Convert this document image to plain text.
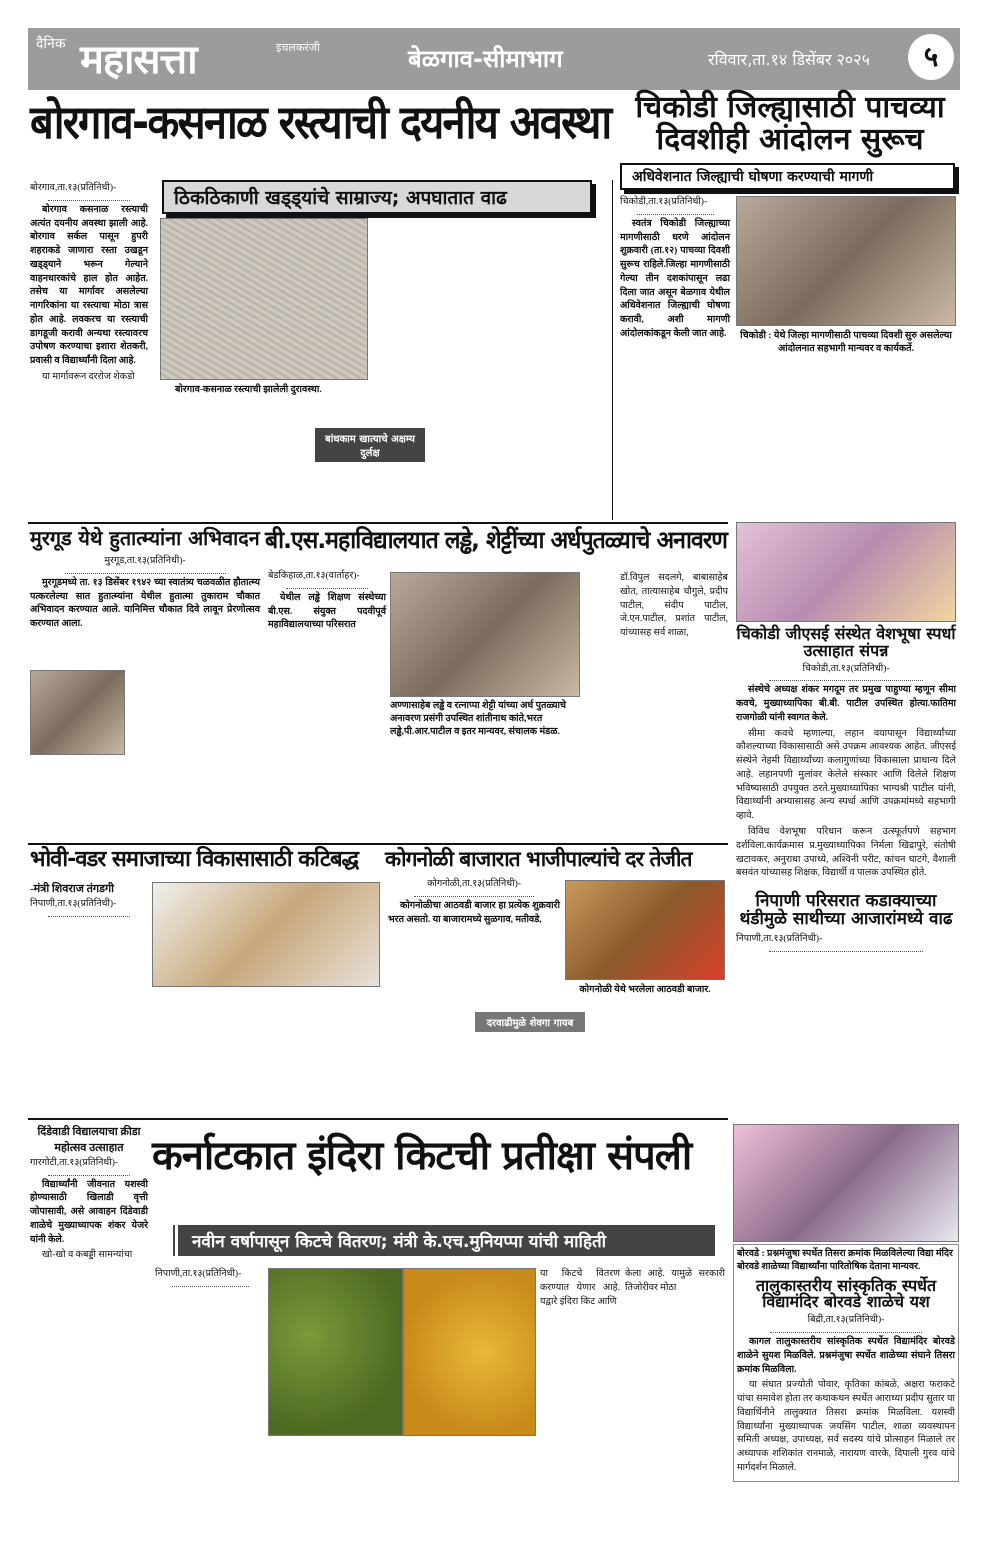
दैनिक महासत्ता	इचलकरंजी	बेळगाव-सीमाभाग	रविवार,ता.१४ डिसेंबर २०२५	५
बोरगाव-कसनाळ रस्त्याची दयनीय अवस्था
ठिकठिकाणी खड्ड्यांचे साम्राज्य; अपघातात वाढ
बोरगाव,ता.१३(प्रतिनिधी)-

बोरगाव कसनाळ रस्त्याची अत्यंत दयनीय अवस्था झाली आहे. बोरगाव सर्कल पासून हुपरी शहराकडे जाणारा रस्ता उखडून खड्ड्याने भरून गेल्याने वाहनधारकांचे हाल होत आहेत. तसेच या मार्गावर असलेल्या नागरिकांना या रस्त्याचा मोठा त्रास होत आहे. लवकरच या रस्त्याची डागडूजी करावी अन्यथा रस्त्यावरच उपोषण करण्याचा इशारा शेतकरी, प्रवासी व विद्यार्थ्यांनी दिला आहे.

या मार्गावरून दररोज शेकडो

बोरगाव-कसनाळ रस्त्याची झालेली दुरावस्था.
बांधकाम खात्याचे अक्षम्य दुर्लक्ष
चिकोडी जिल्ह्यासाठी पाचव्या दिवशीही आंदोलन सुरूच
अधिवेशनात जिल्ह्याची घोषणा करण्याची मागणी
चिकोडी,ता.१३(प्रतिनिधी)-

स्वतंत्र चिकोडी जिल्ह्याच्या मागणीसाठी धरणे आंदोलन शुक्रवारी (ता.१२) पाचव्या दिवशी सुरूच राहिले.जिल्हा मागणीसाठी गेल्या तीन दशकांपासून लढा दिला जात असून बेळगाव येथील अधिवेशनात जिल्ह्याची घोषणा करावी, अशी मागणी आंदोलकांकडून केली जात आहे.	चिकोडी : येथे जिल्हा मागणीसाठी पाचव्या दिवशी सुरु असलेल्या आंदोलनात सहभागी मान्यवर व कार्यकर्ते.
मुरगूड येथे हुतात्म्यांना अभिवादन
मुरगूड,ता.१३(प्रतिनिधी)-

मुरगूडमध्ये ता. १३ डिसेंबर १९४२ च्या स्वातंत्र्य चळवळीत हौतात्म्य पत्करलेल्या सात हुतात्म्यांना येथील हुतात्मा तुकाराम चौकात अभिवादन करण्यात आले. यानिमित्त चौकात दिवे लावून प्रेरणोत्सव करण्यात आला.

बी.एस.महाविद्यालयात लड्ढे, शेट्टींच्या अर्धपुतळ्याचे अनावरण
बेडकिहाळ,ता.१३(वार्ताहर)-

येथील लड्ढे शिक्षण संस्थेच्या बी.एस. संयुक्त पदवीपूर्व महाविद्यालयाच्या परिसरात

अण्णासाहेब लड्ढे व रत्नाप्पा शेट्टी यांच्या अर्ध पुतळ्याचे अनावरण प्रसंगी उपस्थित शांतीनाथ कांते,भरत लड्ढे,पी.आर.पाटील व इतर मान्यवर, संचालक मंडळ.
डॉ.विपुल सदलगे, बाबासाहेब खोत, तात्यासाहेब चौगुले, प्रदीप पाटील, संदीप पाटील, जे.एन.पाटील, प्रशांत पाटील, यांच्यासह सर्व शाळा,	चिकोडी जीएसई संस्थेत वेशभूषा स्पर्धा उत्साहात संपन्न
चिकोडी,ता.१३(प्रतिनिधी)-

संस्थेचे अध्यक्ष शंकर मगदूम तर प्रमुख पाहुण्या म्हणून सीमा कवचे, मुख्याध्यापिका बी.बी. पाटील उपस्थित होत्या.फातिमा राजगोळी यांनी स्वागत केले.

सीमा कवचे म्हणाल्या, लहान वयापासून विद्यार्थ्यांच्या कौशल्याच्या विकासासाठी असे उपक्रम आवश्यक आहेत. जीएसई संस्थेने नेहमी विद्यार्थ्यांच्या कलागुणांच्या विकासाला प्राधान्य दिले आहे. लहानपणी मुलांवर केलेले संस्कार आणि दिलेले शिक्षण भविष्यासाठी उपयुक्त ठरते.मुख्याध्यापिका भाग्यश्री पाटील यांनी, विद्यार्थ्यांनी अभ्यासासह अन्य स्पर्धा आणि उपक्रमांमध्ये सहभागी व्हावे.

विविध वेशभूषा परिधान करून उत्स्फूर्तपणे सहभाग दर्शविला.कार्यक्रमास प्र.मुख्याध्यापिका निर्मला खिद्रापुरे, संतोषी खटावकर, अनुराधा उपाध्ये, अश्विनी परीट, कांचन घाटगे, वैशाली बसवंत यांच्यासह शिक्षक, विद्यार्थी व पालक उपस्थित होते.

निपाणी परिसरात कडाक्याच्या थंडीमुळे साथीच्या आजारांमध्ये वाढ
निपाणी,ता.१३(प्रतिनिधी)-
भोवी-वडर समाजाच्या विकासासाठी कटिबद्ध
-मंत्री शिवराज तंगडगी
निपाणी,ता.१३(प्रतिनिधी)-
कोगनोळी बाजारात भाजीपाल्यांचे दर तेजीत
कोगनोळी,ता.१३(प्रतिनिधी)-

कोगनोळीचा आठवडी बाजार हा प्रत्येक शुक्रवारी भरत असतो. या बाजारामध्ये सुळगाव, मतीवडे,

कोगनोळी येथे भरलेला आठवडी बाजार.
दरवाढीमुळे शेवगा गायब
दिंडेवाडी विद्यालयाचा क्रीडा महोत्सव उत्साहात
गारगोटी,ता.१३(प्रतिनिधी)-

विद्यार्थ्यांनी जीवनात यशस्वी होण्यासाठी खिलाडी वृत्ती जोपासावी, असे आवाहन दिंडेवाडी शाळेचे मुख्याध्यापक शंकर येजरे यांनी केले.

खो-खो व कबड्डी सामन्यांचा

कर्नाटकात इंदिरा किटची प्रतीक्षा संपली
नवीन वर्षापासून किटचे वितरण; मंत्री के.एच.मुनियप्पा यांची माहिती
निपाणी,ता.१३(प्रतिनिधी)-	या किटचे वितरण करण्यात येणार आहे. यद्वारे इंदिरा किट आणि
केला आहे. यामुळे सरकारी तिजोरीवर मोठा
बोरवडे : प्रश्नमंजुषा स्पर्धेत तिसरा क्रमांक मिळविलेल्या विद्या मंदिर बोरवडे शाळेच्या विद्यार्थ्यांना पारितोषिक देताना मान्यवर.
तालुकास्तरीय सांस्कृतिक स्पर्धेत विद्यामंदिर बोरवडे शाळेचे यश
बिद्री,ता.१३(प्रतिनिधी)-

कागल तालुकास्तरीय सांस्कृतिक स्पर्धेत विद्यामंदिर बोरवडे शाळेने सुयश मिळविले. प्रश्नमंजुषा स्पर्धेत शाळेच्या संघाने तिसरा क्रमांक मिळविला.

या संघात प्रज्योती पोवार, कृतिका कांबळे, अक्षरा फराकटे यांचा समावेश होता तर कथाकथन स्पर्धेत आराध्या प्रदीप सुतार या विद्यार्थिनीने तालुक्यात तिसरा क्रमांक मिळविला. यशस्वी विद्यार्थ्यांना मुख्याध्यापक जयसिंग पाटील, शाळा व्यवस्थापन समिती अध्यक्ष, उपाध्यक्ष, सर्व सदस्य यांचे प्रोत्साहन मिळाले तर अध्यापक शशिकांत रानमाळे, नारायण वारके, दिपाली गुरव यांचे मार्गदर्शन मिळाले.
